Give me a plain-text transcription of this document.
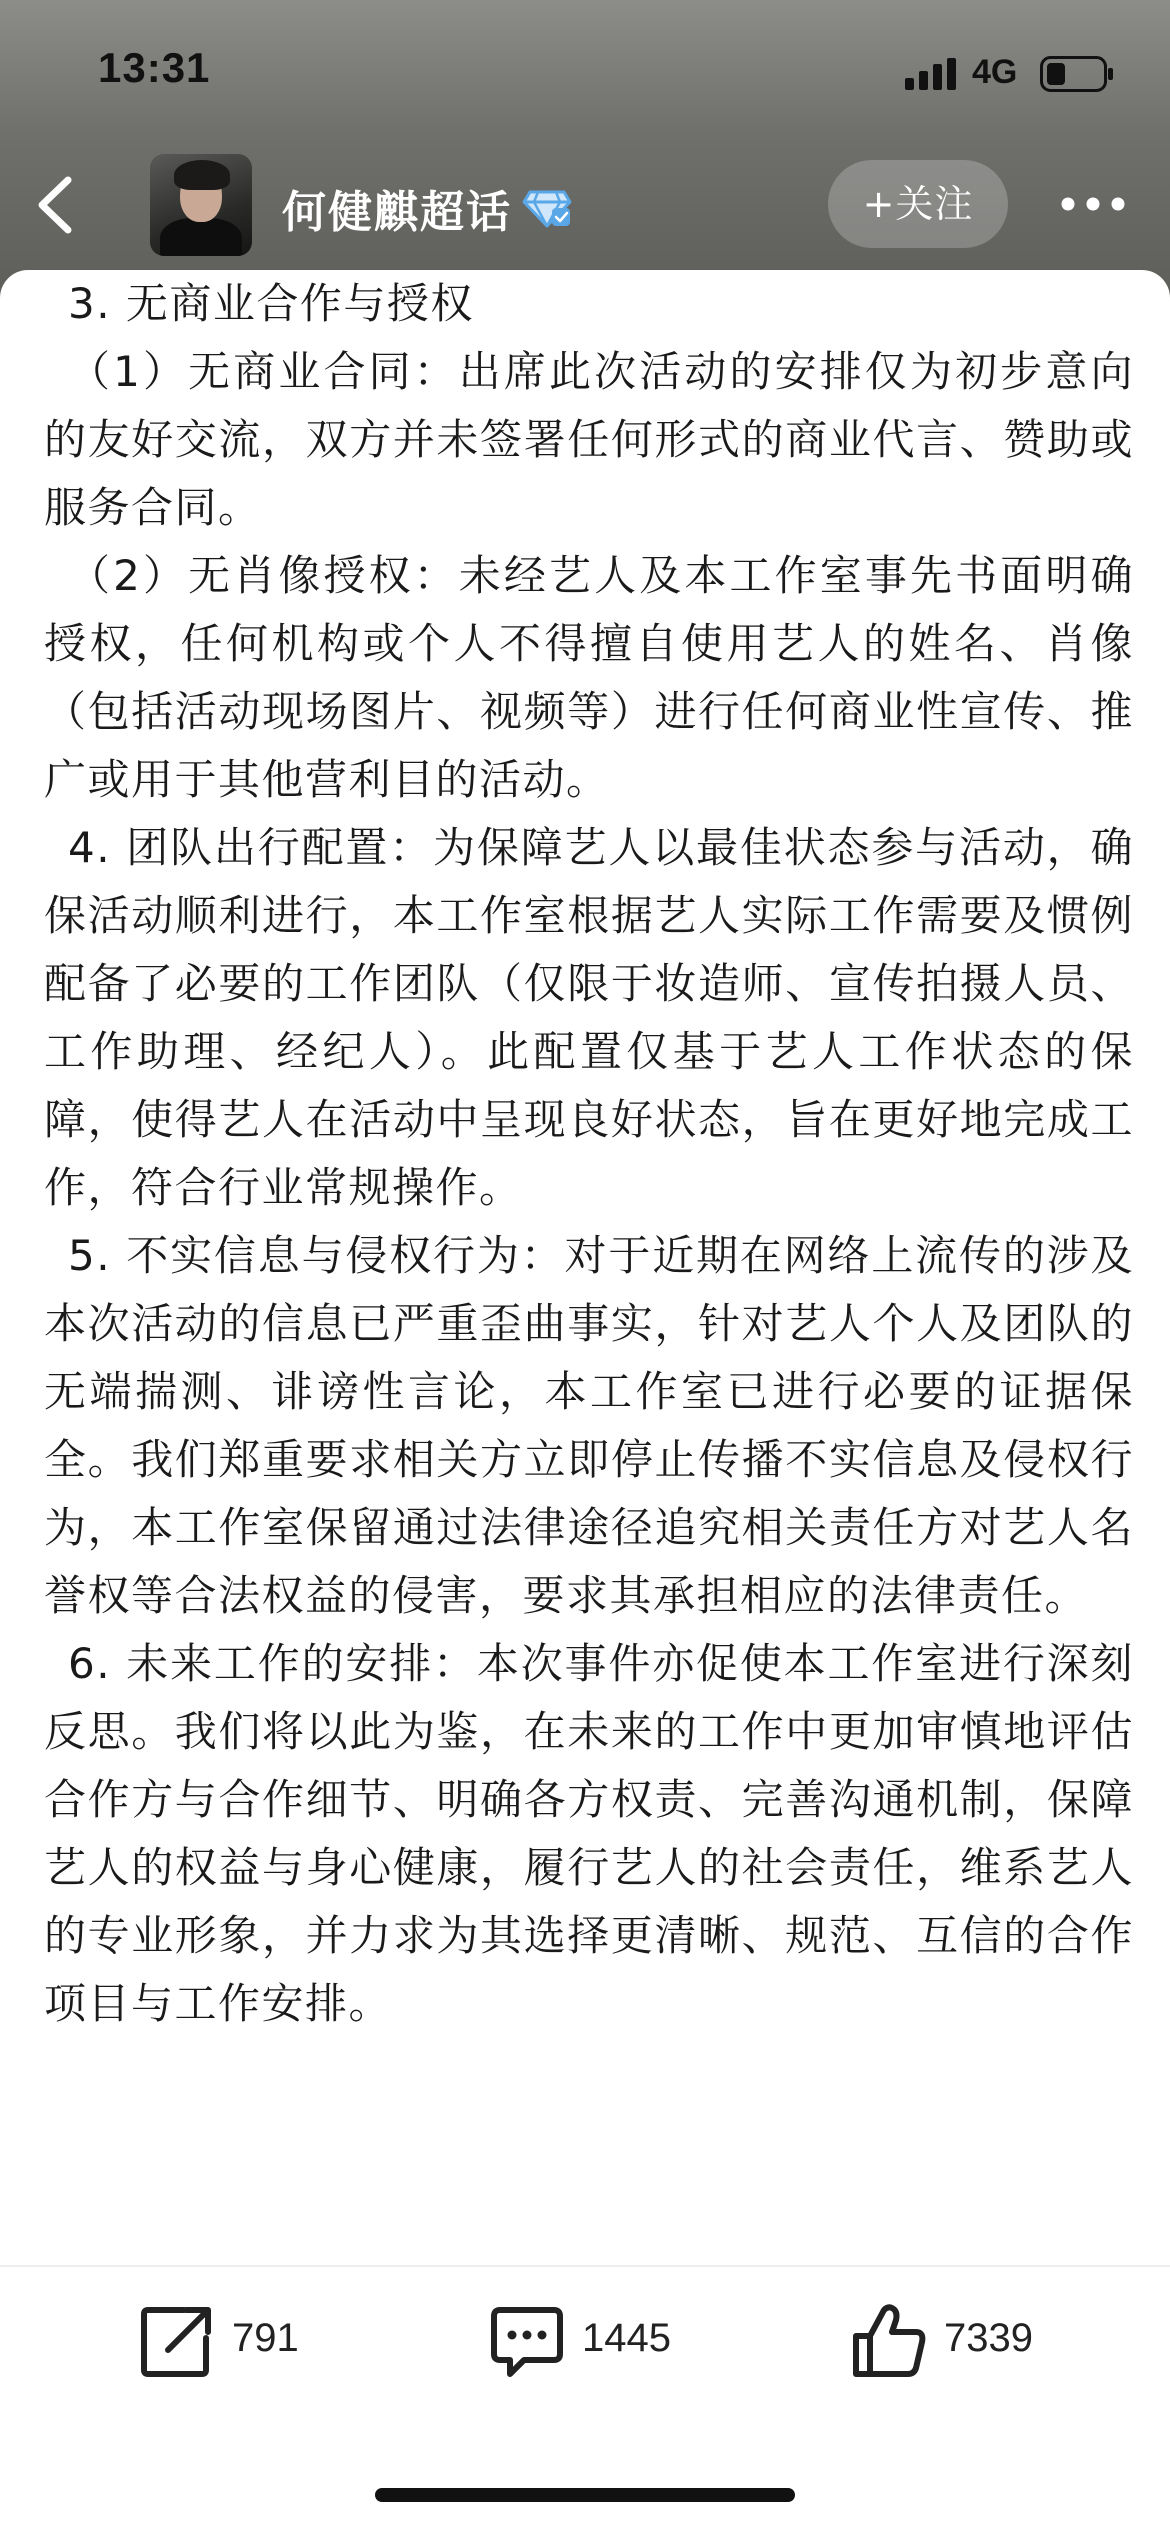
13:31	4G
何健麒超话	+关注

3. 无商业合作与授权

（1）无商业合同：出席此次活动的安排仅为初步意向的友好交流，双方并未签署任何形式的商业代言、赞助或服务合同。

（2）无肖像授权：未经艺人及本工作室事先书面明确授权，任何机构或个人不得擅自使用艺人的姓名、肖像（包括活动现场图片、视频等）进行任何商业性宣传、推广或用于其他营利目的活动。

4. 团队出行配置：为保障艺人以最佳状态参与活动，确保活动顺利进行，本工作室根据艺人实际工作需要及惯例配备了必要的工作团队（仅限于妆造师、宣传拍摄人员、工作助理、经纪人）。此配置仅基于艺人工作状态的保障，使得艺人在活动中呈现良好状态，旨在更好地完成工作，符合行业常规操作。

5. 不实信息与侵权行为：对于近期在网络上流传的涉及本次活动的信息已严重歪曲事实，针对艺人个人及团队的无端揣测、诽谤性言论，本工作室已进行必要的证据保全。我们郑重要求相关方立即停止传播不实信息及侵权行为，本工作室保留通过法律途径追究相关责任方对艺人名誉权等合法权益的侵害，要求其承担相应的法律责任。

6. 未来工作的安排：本次事件亦促使本工作室进行深刻反思。我们将以此为鉴，在未来的工作中更加审慎地评估合作方与合作细节、明确各方权责、完善沟通机制，保障艺人的权益与身心健康，履行艺人的社会责任，维系艺人的专业形象，并力求为其选择更清晰、规范、互信的合作项目与工作安排。

791	1445	7339
